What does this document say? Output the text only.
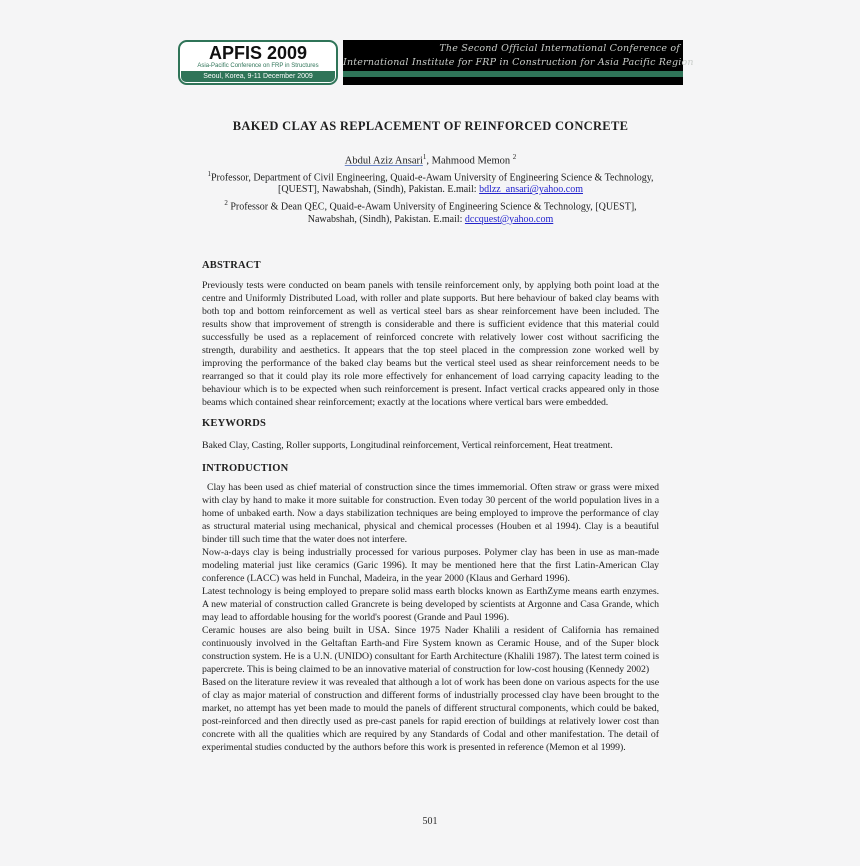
APFIS 2009
Asia-Pacific Conference on FRP in Structures
Seoul, Korea, 9-11 December 2009
The Second Official International Conference of
International Institute for FRP in Construction for Asia Pacific Region
BAKED CLAY AS REPLACEMENT OF REINFORCED CONCRETE
Abdul Aziz Ansari$^1$, Mahmood Memon $^2$
$^1$Professor, Department of Civil Engineering, Quaid-e-Awam University of Engineering Science & Technology, [QUEST], Nawabshah, (Sindh), Pakistan. E.mail: bdlzz_ansari@yahoo.com
$^2$ Professor & Dean QEC, Quaid-e-Awam University of Engineering Science & Technology, [QUEST], Nawabshah, (Sindh), Pakistan. E.mail: dccquest@yahoo.com
ABSTRACT

Previously tests were conducted on beam panels with tensile reinforcement only, by applying both point load at the centre and Uniformly Distributed Load, with roller and plate supports. But here behaviour of baked clay beams with both top and bottom reinforcement as well as vertical steel bars as shear reinforcement have been included. The results show that improvement of strength is considerable and there is sufficient evidence that this material could successfully be used as a replacement of reinforced concrete with relatively lower cost without sacrificing the strength, durability and aesthetics. It appears that the top steel placed in the compression zone worked well by improving the performance of the baked clay beams but the vertical steel used as shear reinforcement needs to be rearranged so that it could play its role more effectively for enhancement of load carrying capacity leading to the behaviour which is to be expected when such reinforcement is present. Infact vertical cracks appeared only in those beams which contained shear reinforcement; exactly at the locations where vertical bars were embedded.

KEYWORDS

Baked Clay, Casting, Roller supports, Longitudinal reinforcement, Vertical reinforcement, Heat treatment.

INTRODUCTION

Clay has been used as chief material of construction since the times immemorial. Often straw or grass were mixed with clay by hand to make it more suitable for construction. Even today 30 percent of the world population lives in a home of unbaked earth. Now a days stabilization techniques are being employed to improve the performance of clay as structural material using mechanical, physical and chemical processes (Houben et al 1994). Clay is a beautiful binder till such time that the water does not interfere.

Now-a-days clay is being industrially processed for various purposes. Polymer clay has been in use as man-made modeling material just like ceramics (Garic 1996). It may be mentioned here that the first Latin-American Clay conference (LACC) was held in Funchal, Madeira, in the year 2000 (Klaus and Gerhard 1996).

Latest technology is being employed to prepare solid mass earth blocks known as EarthZyme means earth enzymes. A new material of construction called Grancrete is being developed by scientists at Argonne and Casa Grande, which may lead to affordable housing for the world's poorest (Grande and Paul 1996).

Ceramic houses are also being built in USA. Since 1975 Nader Khalili a resident of California has remained continuously involved in the Geltaftan Earth-and Fire System known as Ceramic House, and of the Super block construction system. He is a U.N. (UNIDO) consultant for Earth Architecture (Khalili 1987). The latest term coined is papercrete. This is being claimed to be an innovative material of construction for low-cost housing (Kennedy 2002)

Based on the literature review it was revealed that although a lot of work has been done on various aspects for the use of clay as major material of construction and different forms of industrially processed clay have been brought to the market, no attempt has yet been made to mould the panels of different structural components, which could be baked, post-reinforced and then directly used as pre-cast panels for rapid erection of buildings at relatively lower cost than concrete with all the qualities which are required by any Standards of Codal and other manifestation. The detail of experimental studies conducted by the authors before this work is presented in reference (Memon et al 1999).

501
